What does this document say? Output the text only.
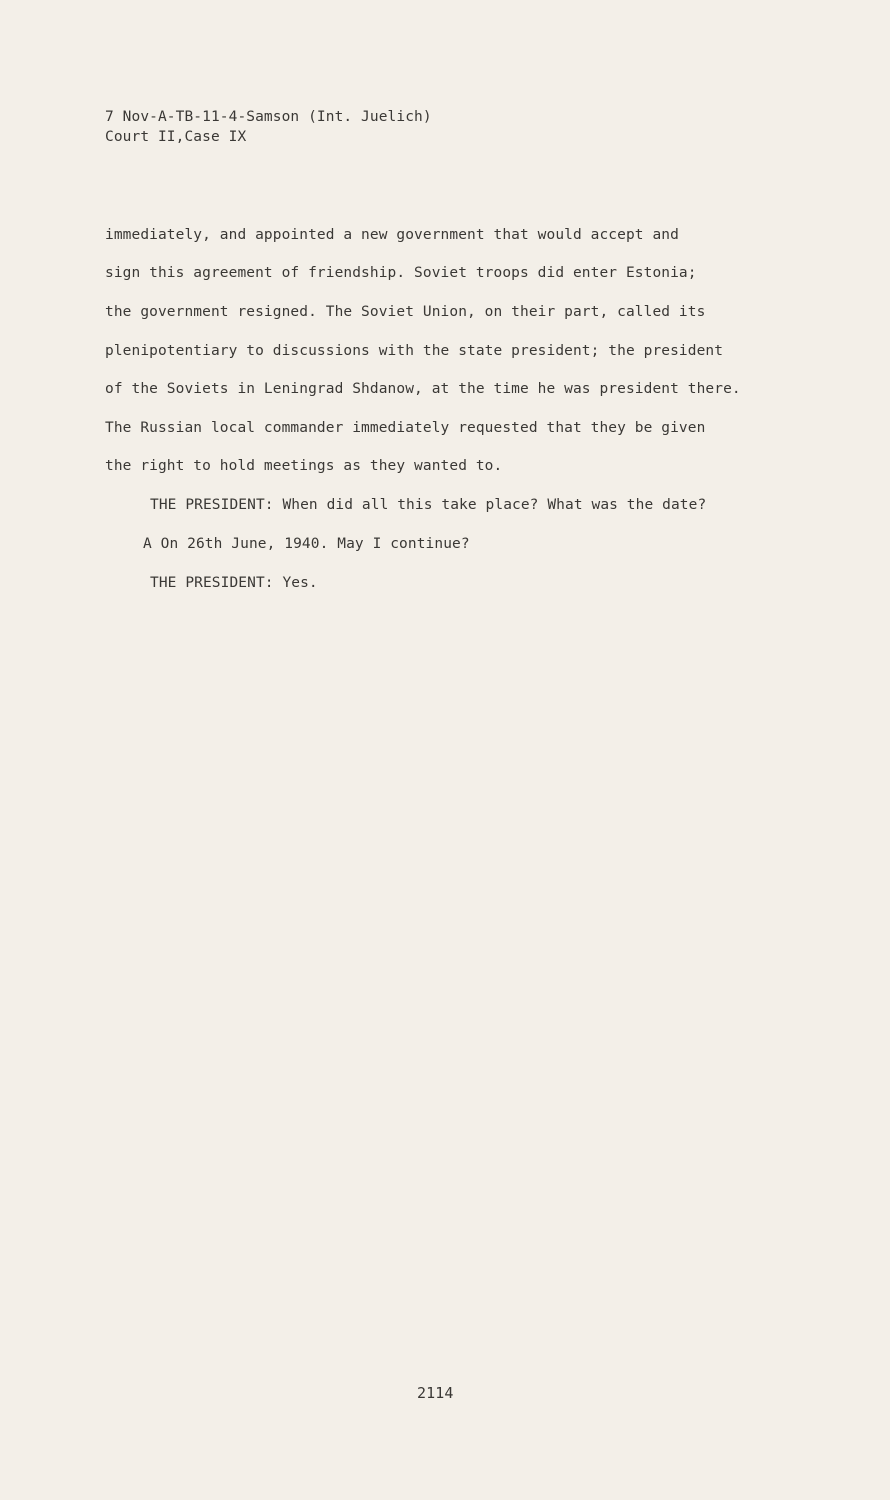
7 Nov-A-TB-11-4-Samson (Int. Juelich)
Court II,Case IX
immediately, and appointed a new government that would accept and
sign this agreement of friendship. Soviet troops did enter Estonia;
the government resigned. The Soviet Union, on their part, called its
plenipotentiary to discussions with the state president; the president
of the Soviets in Leningrad Shdanow, at the time he was president there.
The Russian local commander immediately requested that they be given
the right to hold meetings as they wanted to.
THE PRESIDENT: When did all this take place? What was the date?
A On 26th June, 1940. May I continue?
THE PRESIDENT: Yes.
2114
